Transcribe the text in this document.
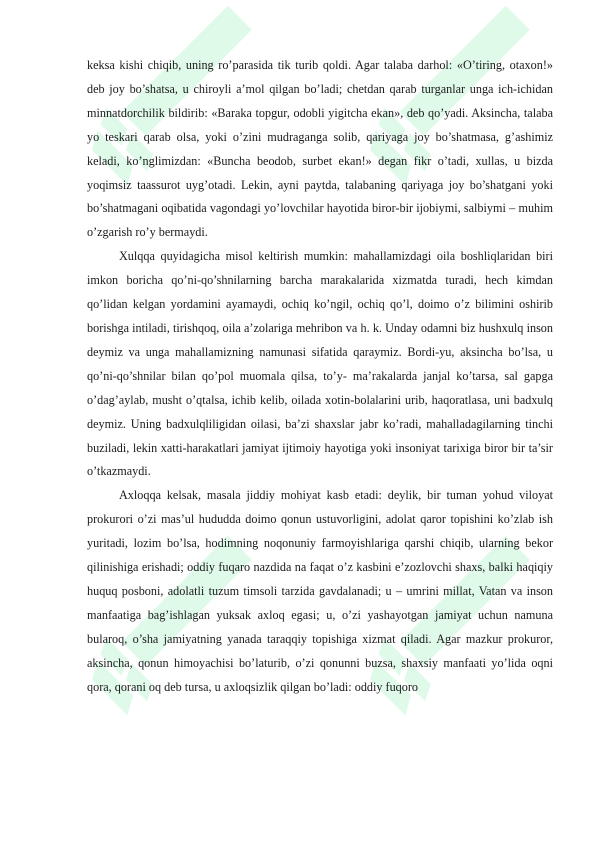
keksa kishi chiqib, uning ro’parasida tik turib qoldi. Agar talaba darhol: «O’tiring, otaxon!» deb joy bo’shatsa, u chiroyli a’mol qilgan bo’ladi; chetdan qarab turganlar unga ich-ichidan minnatdorchilik bildirib: «Baraka topgur, odobli yigitcha ekan», deb qo’yadi. Aksincha, talaba yo teskari qarab olsa, yoki o’zini mudraganga solib, qariyaga joy bo’shatmasa, g’ashimiz keladi, ko’nglimizdan: «Buncha beodob, surbet ekan!» degan fikr o’tadi, xullas, u bizda yoqimsiz taassurot uyg’otadi. Lekin, ayni paytda, talabaning qariyaga joy bo’shatgani yoki bo’shatmagani oqibatida vagondagi yo’lovchilar hayotida biror-bir ijobiymi, salbiymi – muhim o’zgarish ro’y bermaydi.

Xulqqa quyidagicha misol keltirish mumkin: mahallamizdagi oila boshliqlaridan biri imkon boricha qo’ni-qo’shnilarning barcha marakalarida xizmatda turadi, hech kimdan qo’lidan kelgan yordamini ayamaydi, ochiq ko’ngil, ochiq qo’l, doimo o’z bilimini oshirib borishga intiladi, tirishqoq, oila a’zolariga mehribon va h. k. Unday odamni biz hushxulq inson deymiz va unga mahallamizning namunasi sifatida qaraymiz. Bordi-yu, aksincha bo’lsa, u qo’ni-qo’shnilar bilan qo’pol muomala qilsa, to’y- ma’rakalarda janjal ko’tarsa, sal gapga o’dag’aylab, musht o’qtalsa, ichib kelib, oilada xotin-bolalarini urib, haqoratlasa, uni badxulq deymiz. Uning badxulqliligidan oilasi, ba’zi shaxslar jabr ko’radi, mahalladagilarning tinchi buziladi, lekin xatti-harakatlari jamiyat ijtimoiy hayotiga yoki insoniyat tarixiga biror bir ta’sir o’tkazmaydi.

Axloqqa kelsak, masala jiddiy mohiyat kasb etadi: deylik, bir tuman yohud viloyat prokurori o’zi mas’ul hududda doimo qonun ustuvorligini, adolat qaror topishini ko’zlab ish yuritadi, lozim bo’lsa, hodimning noqonuniy farmoyishlariga qarshi chiqib, ularning bekor qilinishiga erishadi; oddiy fuqaro nazdida na faqat o’z kasbini e’zozlovchi shaxs, balki haqiqiy huquq posboni, adolatli tuzum timsoli tarzida gavdalanadi; u – umrini millat, Vatan va inson manfaatiga bag’ishlagan yuksak axloq egasi; u, o’zi yashayotgan jamiyat uchun namuna bularoq, o’sha jamiyatning yanada taraqqiy topishiga xizmat qiladi. Agar mazkur prokuror, aksincha, qonun himoyachisi bo’laturib, o’zi qonunni buzsa, shaxsiy manfaati yo’lida oqni qora, qorani oq deb tursa, u axloqsizlik qilgan bo’ladi: oddiy fuqoro
